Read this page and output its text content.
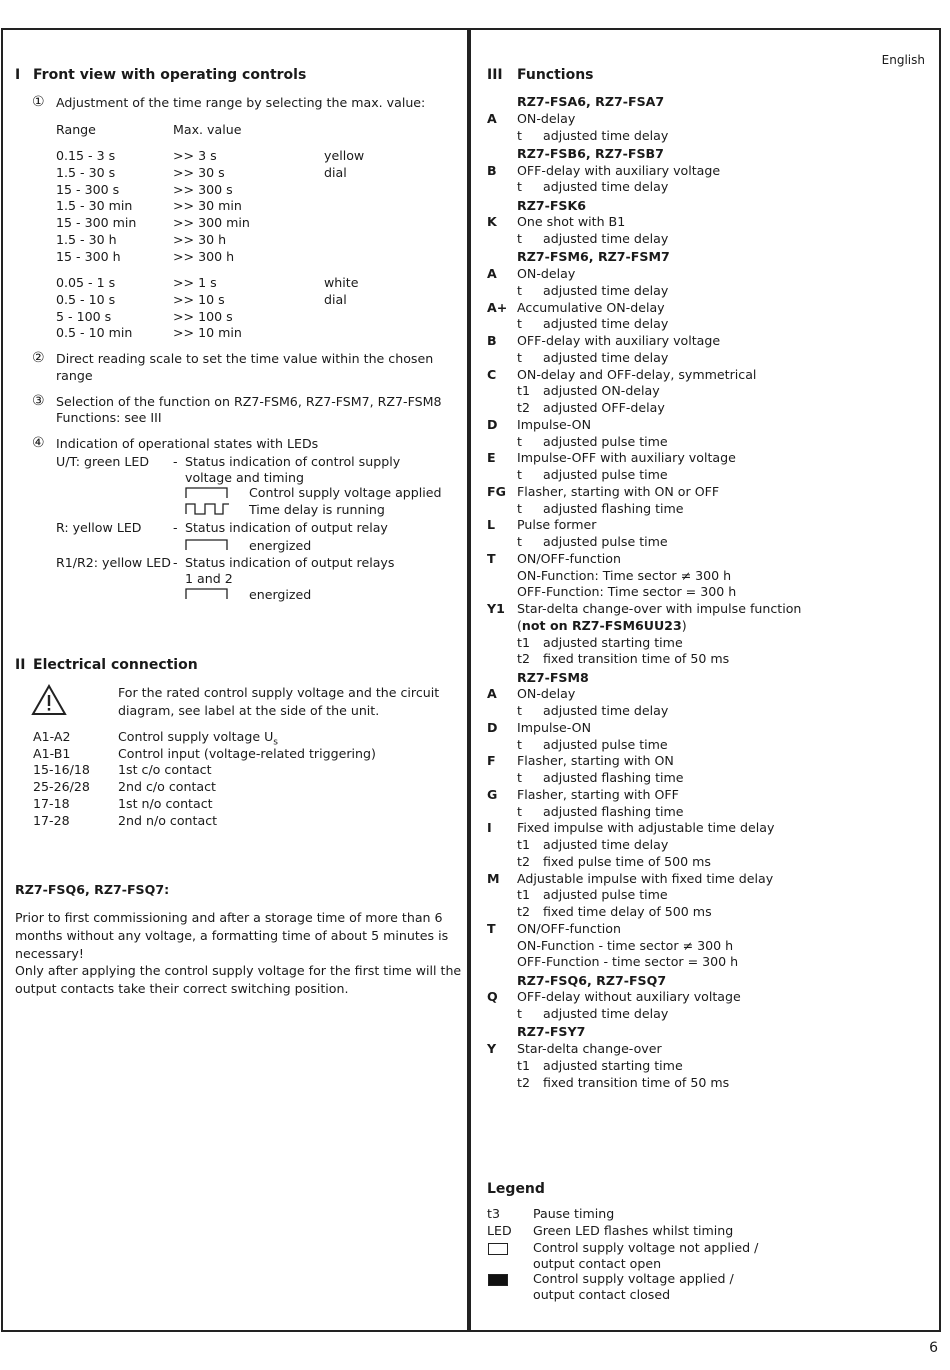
English
6
I Front view with operating controls
① Adjustment of the time range by selecting the max. value:
Range	Max. value
0.15 - 3 s	>> 3 s	yellow
1.5 - 30 s	>> 30 s	dial
15 - 300 s	>> 300 s
1.5 - 30 min	>> 30 min
15 - 300 min	>> 300 min
1.5 - 30 h	>> 30 h
15 - 300 h	>> 300 h
0.05 - 1 s	>> 1 s	white
0.5 - 10 s	>> 10 s	dial
5 - 100 s	>> 100 s
0.5 - 10 min	>> 10 min
② Direct reading scale to set the time value within the chosen
range
③ Selection of the function on RZ7-FSM6, RZ7-FSM7, RZ7-FSM8
Functions: see III
④ Indication of operational states with LEDs
U/T: green LED - Status indication of control supply
voltage and timing
Control supply voltage applied
Time delay is running
R: yellow LED	- Status indication of output relay
energized
R1/R2: yellow LED - Status indication of output relays
1 and 2
energized
II Electrical connection
For the rated control supply voltage and the circuit
diagram, see label at the side of the unit.
A1-A2	Control supply voltage $U_s$
A1-B1	Control input (voltage-related triggering)
15-16/18 1st c/o contact
25-26/28 2nd c/o contact
17-18	1st n/o contact
17-28	2nd n/o contact
RZ7-FSQ6, RZ7-FSQ7:
Prior to first commissioning and after a storage time of more than 6
months without any voltage, a formatting time of about 5 minutes is
necessary!
Only after applying the control supply voltage for the first time will the
output contacts take their correct switching position.
III Functions
RZ7-FSA6, RZ7-FSA7
A ON-delay
t adjusted time delay
RZ7-FSB6, RZ7-FSB7
B OFF-delay with auxiliary voltage
t adjusted time delay
RZ7-FSK6
K One shot with B1
t adjusted time delay
RZ7-FSM6, RZ7-FSM7
A ON-delay
t adjusted time delay
A+ Accumulative ON-delay
t adjusted time delay
B OFF-delay with auxiliary voltage
t adjusted time delay
C ON-delay and OFF-delay, symmetrical
t1 adjusted ON-delay
t2 adjusted OFF-delay
D Impulse-ON
t adjusted pulse time
E Impulse-OFF with auxiliary voltage
t adjusted pulse time
FG Flasher, starting with ON or OFF
t adjusted flashing time
L Pulse former
t adjusted pulse time
T ON/OFF-function
ON-Function: Time sector ≠ 300 h
OFF-Function: Time sector = 300 h
Y1 Star-delta change-over with impulse function
(not on RZ7-FSM6UU23)
t1 adjusted starting time
t2 fixed transition time of 50 ms
RZ7-FSM8
A ON-delay
t adjusted time delay
D Impulse-ON
t adjusted pulse time
F Flasher, starting with ON
t adjusted flashing time
G Flasher, starting with OFF
t adjusted flashing time
I Fixed impulse with adjustable time delay
t1 adjusted time delay
t2 fixed pulse time of 500 ms
M Adjustable impulse with fixed time delay
t1 adjusted pulse time
t2 fixed time delay of 500 ms
T ON/OFF-function
ON-Function - time sector ≠ 300 h
OFF-Function - time sector = 300 h
RZ7-FSQ6, RZ7-FSQ7
Q OFF-delay without auxiliary voltage
t adjusted time delay
RZ7-FSY7
Y Star-delta change-over
t1 adjusted starting time
t2 fixed transition time of 50 ms
Legend
t3	Pause timing
LED Green LED flashes whilst timing
Control supply voltage not applied /
output contact open
Control supply voltage applied /
output contact closed
